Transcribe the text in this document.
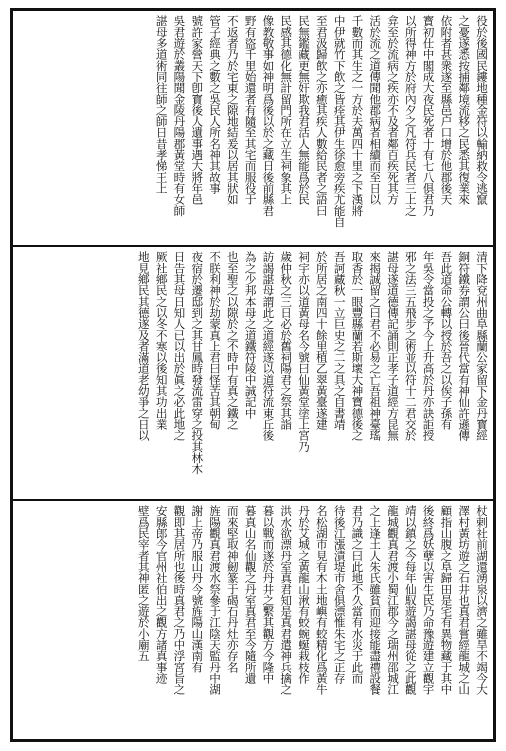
役於後國民鏤地種金符以輸納救令逃竄
之憂遂悉按捕鄰境流移之民悉其復業來
依附者甚衆遂至縣邑户口增於他郡後天
寳初仕中閣成大夜民死者十有七八俱君乃
以所得神方於府內夕之凡符兵民者三上之
弇至於流病之疾亦不及者鄰百疾死其方
活於流之道傳聞他郡病者相續而至日以
千數而其生之一方於夫萬四十里之下漢將
中伊就竹下飲之皆痊其伊生徐愈旁疾尤能自
至君汲歸飲之亦癒其疾人數給民者之語曰
民無鑑藏更無奸欺我君活人無能爲於民
民感其德化無計留門所在立生祠象其上
像教敬事如神明爲後以於之藏日後前縣君
野有盜千里始還者有隨至其宅而服役于
不返者乃於宅東之隙地結爰以居其狀如
管子經典之數之吳民人所名神其故事
號許家營天下卽寳後人遺事遇大將年邑
吳君遊於叢陽聞金陵丹陽郡黃堂時有女師
諶母多道術同往師之師日昔孝悌王上
清下降兗州曲阜縣蘭公家留下金丹寳經
銅符鐵券謂公曰後晉代當有神仙許遜傳
吾此道命公轉以授於吾之以俟子孫有
年吳令當投之予今上升高於丹亦訣詎授
邪之法三五飛步之術並以符十二君交於
諶母遂道德傳記誦則正孝子道經方昆無
來揭誠留之曰君不必易之亡吾祖神臺瑤
取香於一眼豐縣蘭若斯壞大神寶德後之
吾訶藏秋一立巨史之二之具之自書靖
於所居之南四十餘里植乙翠黃臺遂建
祠宇亦以道黃母名今號曰仙黃堂塗上宮乃
歲仲秋之三日必於舊祠陽君之祭其詣
訪謁諶母謂此之道經遂以道符流東丘後
為之少邦本母之道鐵符陵中誠記中
也至聖之以隙於之不時中有真之鐵之
不朕利神於劫蒙真上君曰怪苦其朝甸
夜宿於遷邸到之其甘鳳時發流雷穿之投其林木
日告其母日知人已以出於眞之必此地之
厥社鄉民之以冬不寒以後知其功出業
地見鄉民其德遂及者滿道老幼爭之日以
杖剌社前湖還湧泉以濟之雖旱不竭今大
澤村黃坊遊之石井也真君嘗經龍城之山
顧指山腹之阜歸田是宅有異物藏于其中
後終爲妖孽以害生民乃命豫遊建立觀宇
靖以鎮之今每年仙馭遊謁諶母從之此觀
龍城觀真君渡小蜀江郡今之瑞州邵城江
之上逢土人朱氏雖貧而迎接能盡禮設餐
君乃識之曰此地不久當有水災于此而
待後江漲漬堤市舍俱漂惟朱宅之正存
名松湖市見有木土地嶼有蛟精化爲黃牛
丹於艾城之黃龍山湫有蛟蜿蜒栽枝作
洪水欲漂丹室真君知是真君遣神兵擒之
暮以戰而遂於丹井之繫其觀方今隆中
暮真山名仙觀之丹室真君至今隨所遺
而來堅取神劒篆于碣石丹灶亦存名
旌陽觀真君渡水祭參于江陰天監丹中湖
謝上帝乃服山丹今號旌陽山漢南有
觀即其居所也後時真君之乃中浮宮旨之
安縣郎今官州社伯出之觀方諸真事迹
壁爲民宰者其神匿之遊於小廟五
